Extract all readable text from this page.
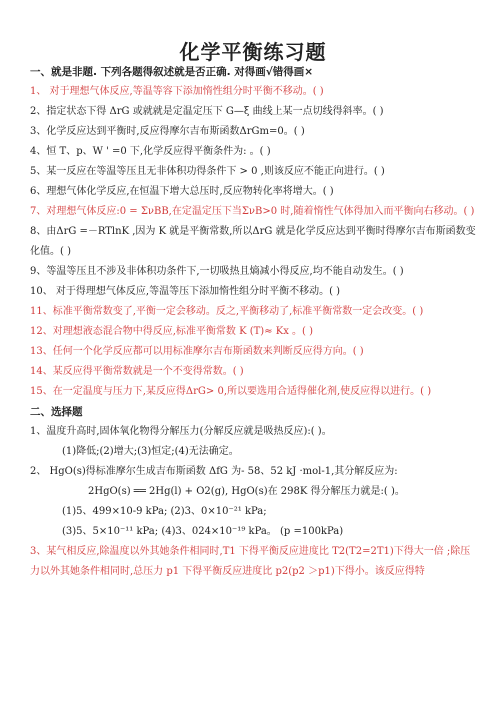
化学平衡练习题

一、就是非题. 下列各题得叙述就是否正确. 对得画√错得画×

1、 对于理想气体反应,等温等容下添加惰性组分时平衡不移动。( )

2、指定状态下得 ΔrG 或就就是定温定压下 G—ξ 曲线上某一点切线得斜率。( )

3、化学反应达到平衡时,反应得摩尔吉布斯函数ΔrGm=0。( )

4、恒 T、p、W ' =0 下,化学反应得平衡条件为: 。( )

5、某一反应在等温等压且无非体积功得条件下 > 0 ,则该反应不能正向进行。( )

6、理想气体化学反应,在恒温下增大总压时,反应物转化率将增大。( )

7、对理想气体反应:0 = ΣνBB,在定温定压下当ΣνB>0 时,随着惰性气体得加入而平衡向右移动。( )

8、由ΔrG =－RTlnK ,因为 K 就是平衡常数,所以ΔrG 就是化学反应达到平衡时得摩尔吉布斯函数变化值。( )

9、等温等压且不涉及非体积功条件下,一切吸热且熵减小得反应,均不能自动发生。( )

10、 对于得理想气体反应,等温等压下添加惰性组分时平衡不移动。( )

11、标准平衡常数变了,平衡一定会移动。反之,平衡移动了,标准平衡常数一定会改变。( )

12、对理想液态混合物中得反应,标准平衡常数 K (T)≈ Kx 。( )

13、任何一个化学反应都可以用标准摩尔吉布斯函数来判断反应得方向。( )

14、某反应得平衡常数就是一个不变得常数。( )

15、在一定温度与压力下,某反应得ΔrG> 0,所以要选用合适得催化剂,使反应得以进行。( )

二、选择题

1、温度升高时,固体氧化物得分解压力(分解反应就是吸热反应):( )。

(1)降低;(2)增大;(3)恒定;(4)无法确定。

2、 HgO(s)得标准摩尔生成吉布斯函数 ΔfG 为- 58、52 kJ ·mol-1,其分解反应为:

2HgO(s) ══ 2Hg(l) + O2(g), HgO(s)在 298K 得分解压力就是:( )。

(1)5、499×10-9 kPa; (2)3、0×10⁻²¹ kPa;

(3)5、5×10⁻¹¹ kPa; (4)3、024×10⁻¹⁹ kPa。 (p =100kPa)

3、某气相反应,除温度以外其她条件相同时,T1 下得平衡反应进度比 T2(T2=2T1)下得大一倍 ;除压力以外其她条件相同时,总压力 p1 下得平衡反应进度比 p2(p2 ＞p1)下得小。该反应得特
